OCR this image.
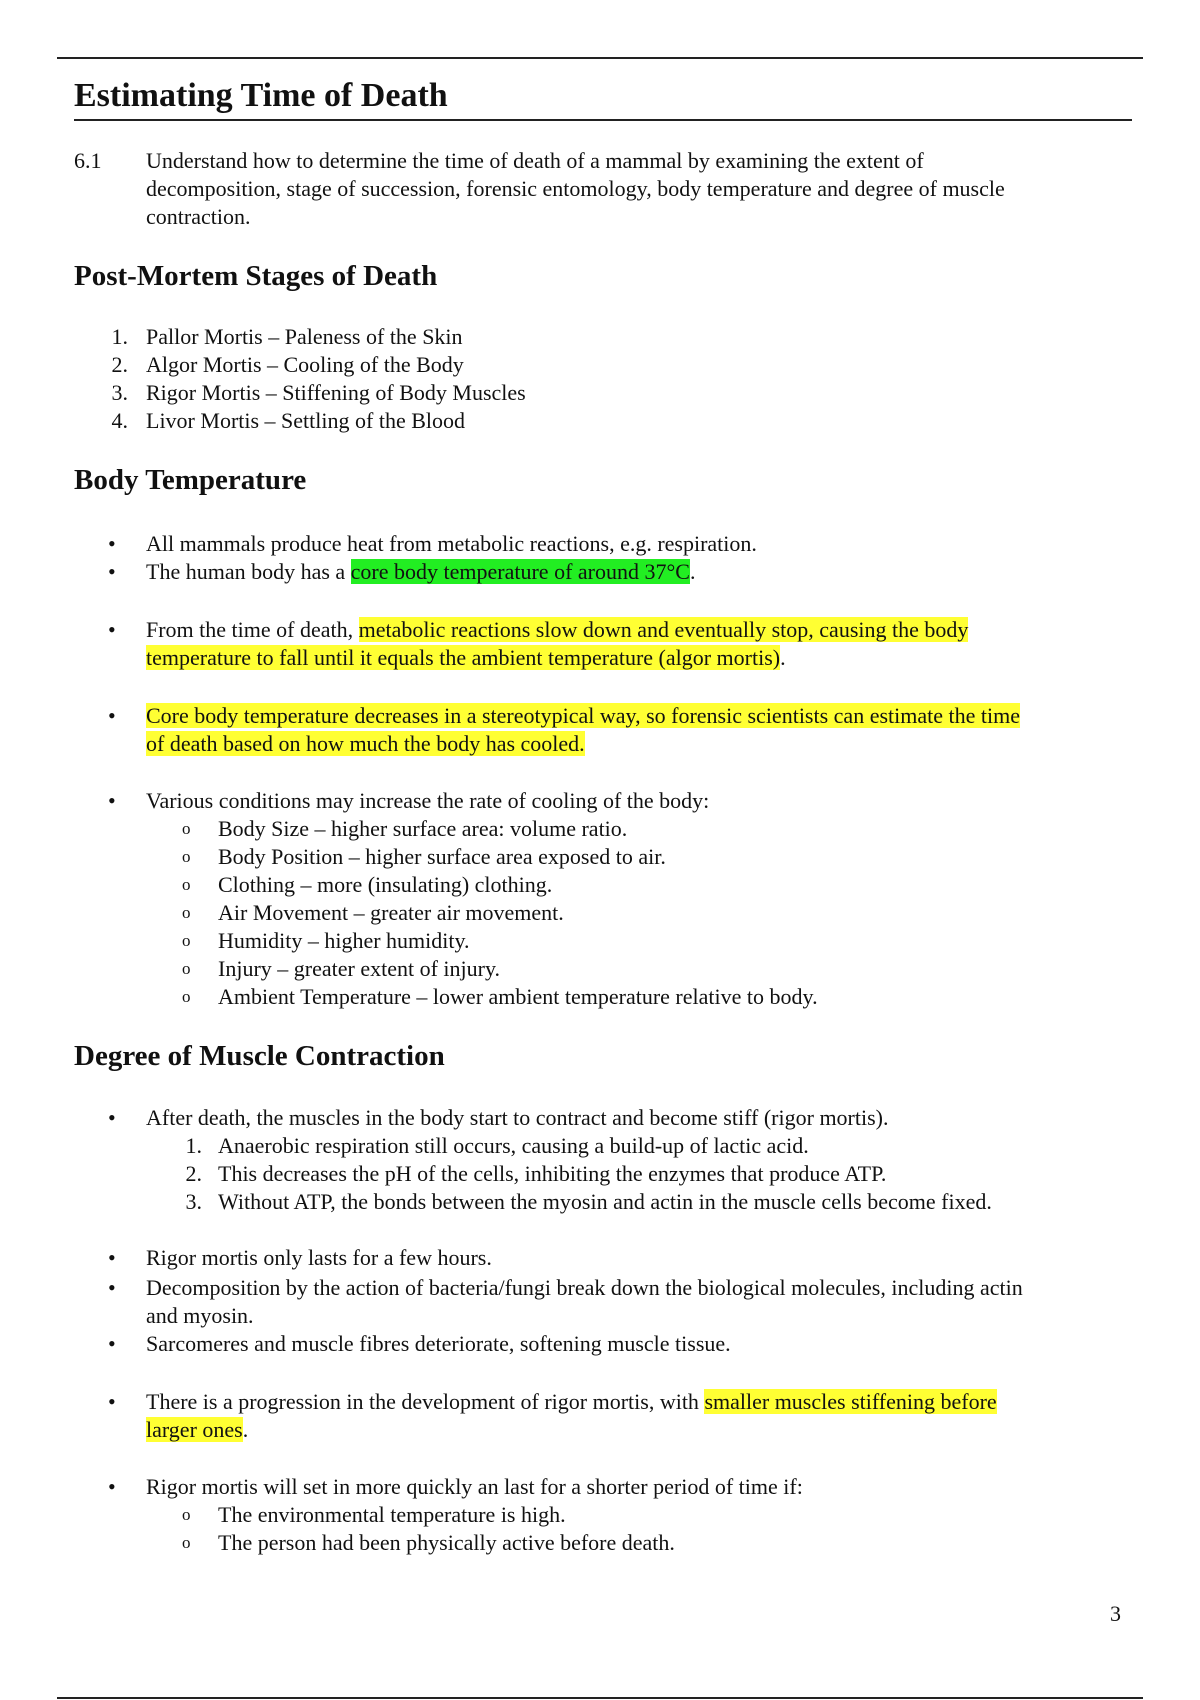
Estimating Time of Death
6.1 Understand how to determine the time of death of a mammal by examining the extent of
decomposition, stage of succession, forensic entomology, body temperature and degree of muscle
contraction.
Post-Mortem Stages of Death
1. Pallor Mortis – Paleness of the Skin
2. Algor Mortis – Cooling of the Body
3. Rigor Mortis – Stiffening of Body Muscles
4. Livor Mortis – Settling of the Blood
Body Temperature
• All mammals produce heat from metabolic reactions, e.g. respiration.
• The human body has a core body temperature of around 37°C.
• From the time of death, metabolic reactions slow down and eventually stop, causing the body
temperature to fall until it equals the ambient temperature (algor mortis).
• Core body temperature decreases in a stereotypical way, so forensic scientists can estimate the time
of death based on how much the body has cooled.
• Various conditions may increase the rate of cooling of the body:
o Body Size – higher surface area: volume ratio.
o Body Position – higher surface area exposed to air.
o Clothing – more (insulating) clothing.
o Air Movement – greater air movement.
o Humidity – higher humidity.
o Injury – greater extent of injury.
o Ambient Temperature – lower ambient temperature relative to body.
Degree of Muscle Contraction
• After death, the muscles in the body start to contract and become stiff (rigor mortis).
1. Anaerobic respiration still occurs, causing a build-up of lactic acid.
2. This decreases the pH of the cells, inhibiting the enzymes that produce ATP.
3. Without ATP, the bonds between the myosin and actin in the muscle cells become fixed.
• Rigor mortis only lasts for a few hours.
• Decomposition by the action of bacteria/fungi break down the biological molecules, including actin
and myosin.
• Sarcomeres and muscle fibres deteriorate, softening muscle tissue.
• There is a progression in the development of rigor mortis, with smaller muscles stiffening before
larger ones.
• Rigor mortis will set in more quickly an last for a shorter period of time if:
o The environmental temperature is high.
o The person had been physically active before death.
3
